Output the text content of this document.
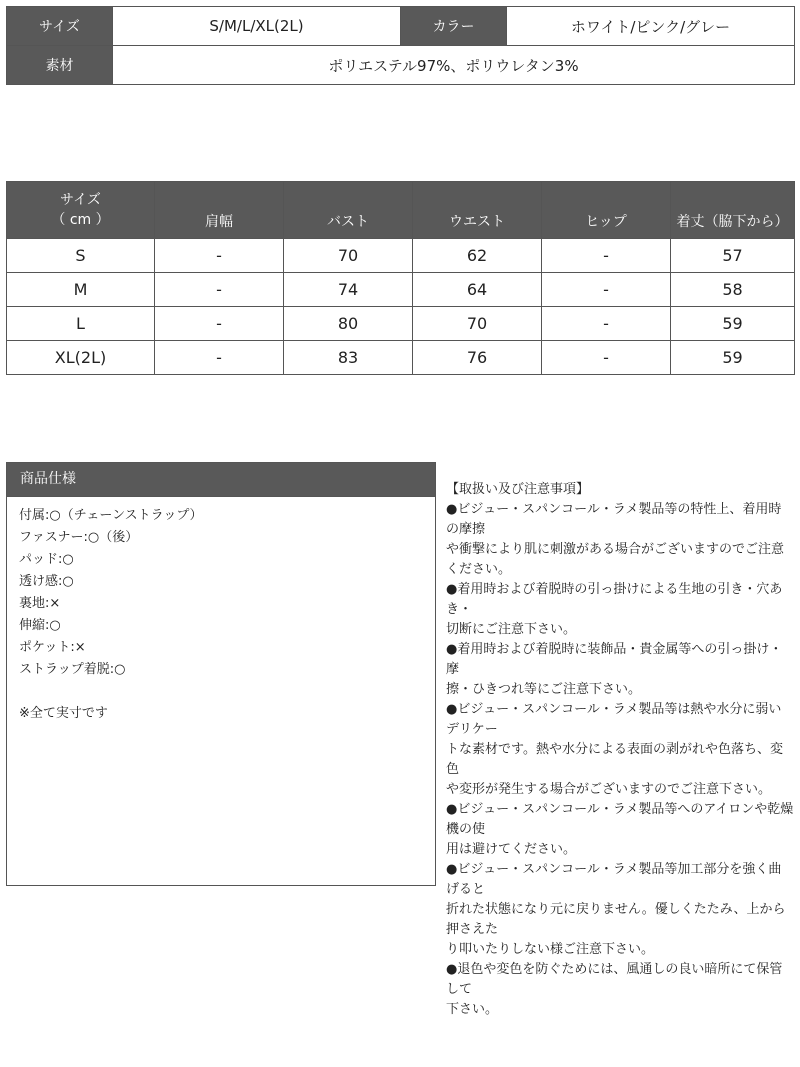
サイズ	S/M/L/XL(2L)	カラー	ホワイト/ピンク/グレー
素材	ポリエステル97%、ポリウレタン3%		
サイズ
（ cm ）	肩幅	バスト	ウエスト	ヒップ	着丈（脇下から）
S	-	70	62	-	57
M	-	74	64	-	58
L	-	80	70	-	59
XL(2L)	-	83	76	-	59
商品仕様
付属:○（チェーンストラップ）
ファスナー:○（後）
パッド:○
透け感:○
裏地:×
伸縮:○
ポケット:×
ストラップ着脱:○
※全て実寸です
【取扱い及び注意事項】
●ビジュー・スパンコール・ラメ製品等の特性上、着用時の摩擦
や衝撃により肌に刺激がある場合がございますのでご注意ください。
●着用時および着脱時の引っ掛けによる生地の引き・穴あき・
切断にご注意下さい。
●着用時および着脱時に装飾品・貴金属等への引っ掛け・摩
擦・ひきつれ等にご注意下さい。
●ビジュー・スパンコール・ラメ製品等は熱や水分に弱いデリケー
トな素材です。熱や水分による表面の剥がれや色落ち、変色
や変形が発生する場合がございますのでご注意下さい。
●ビジュー・スパンコール・ラメ製品等へのアイロンや乾燥機の使
用は避けてください。
●ビジュー・スパンコール・ラメ製品等加工部分を強く曲げると
折れた状態になり元に戻りません。優しくたたみ、上から押さえた
り叩いたりしない様ご注意下さい。
●退色や変色を防ぐためには、風通しの良い暗所にて保管して
下さい。
